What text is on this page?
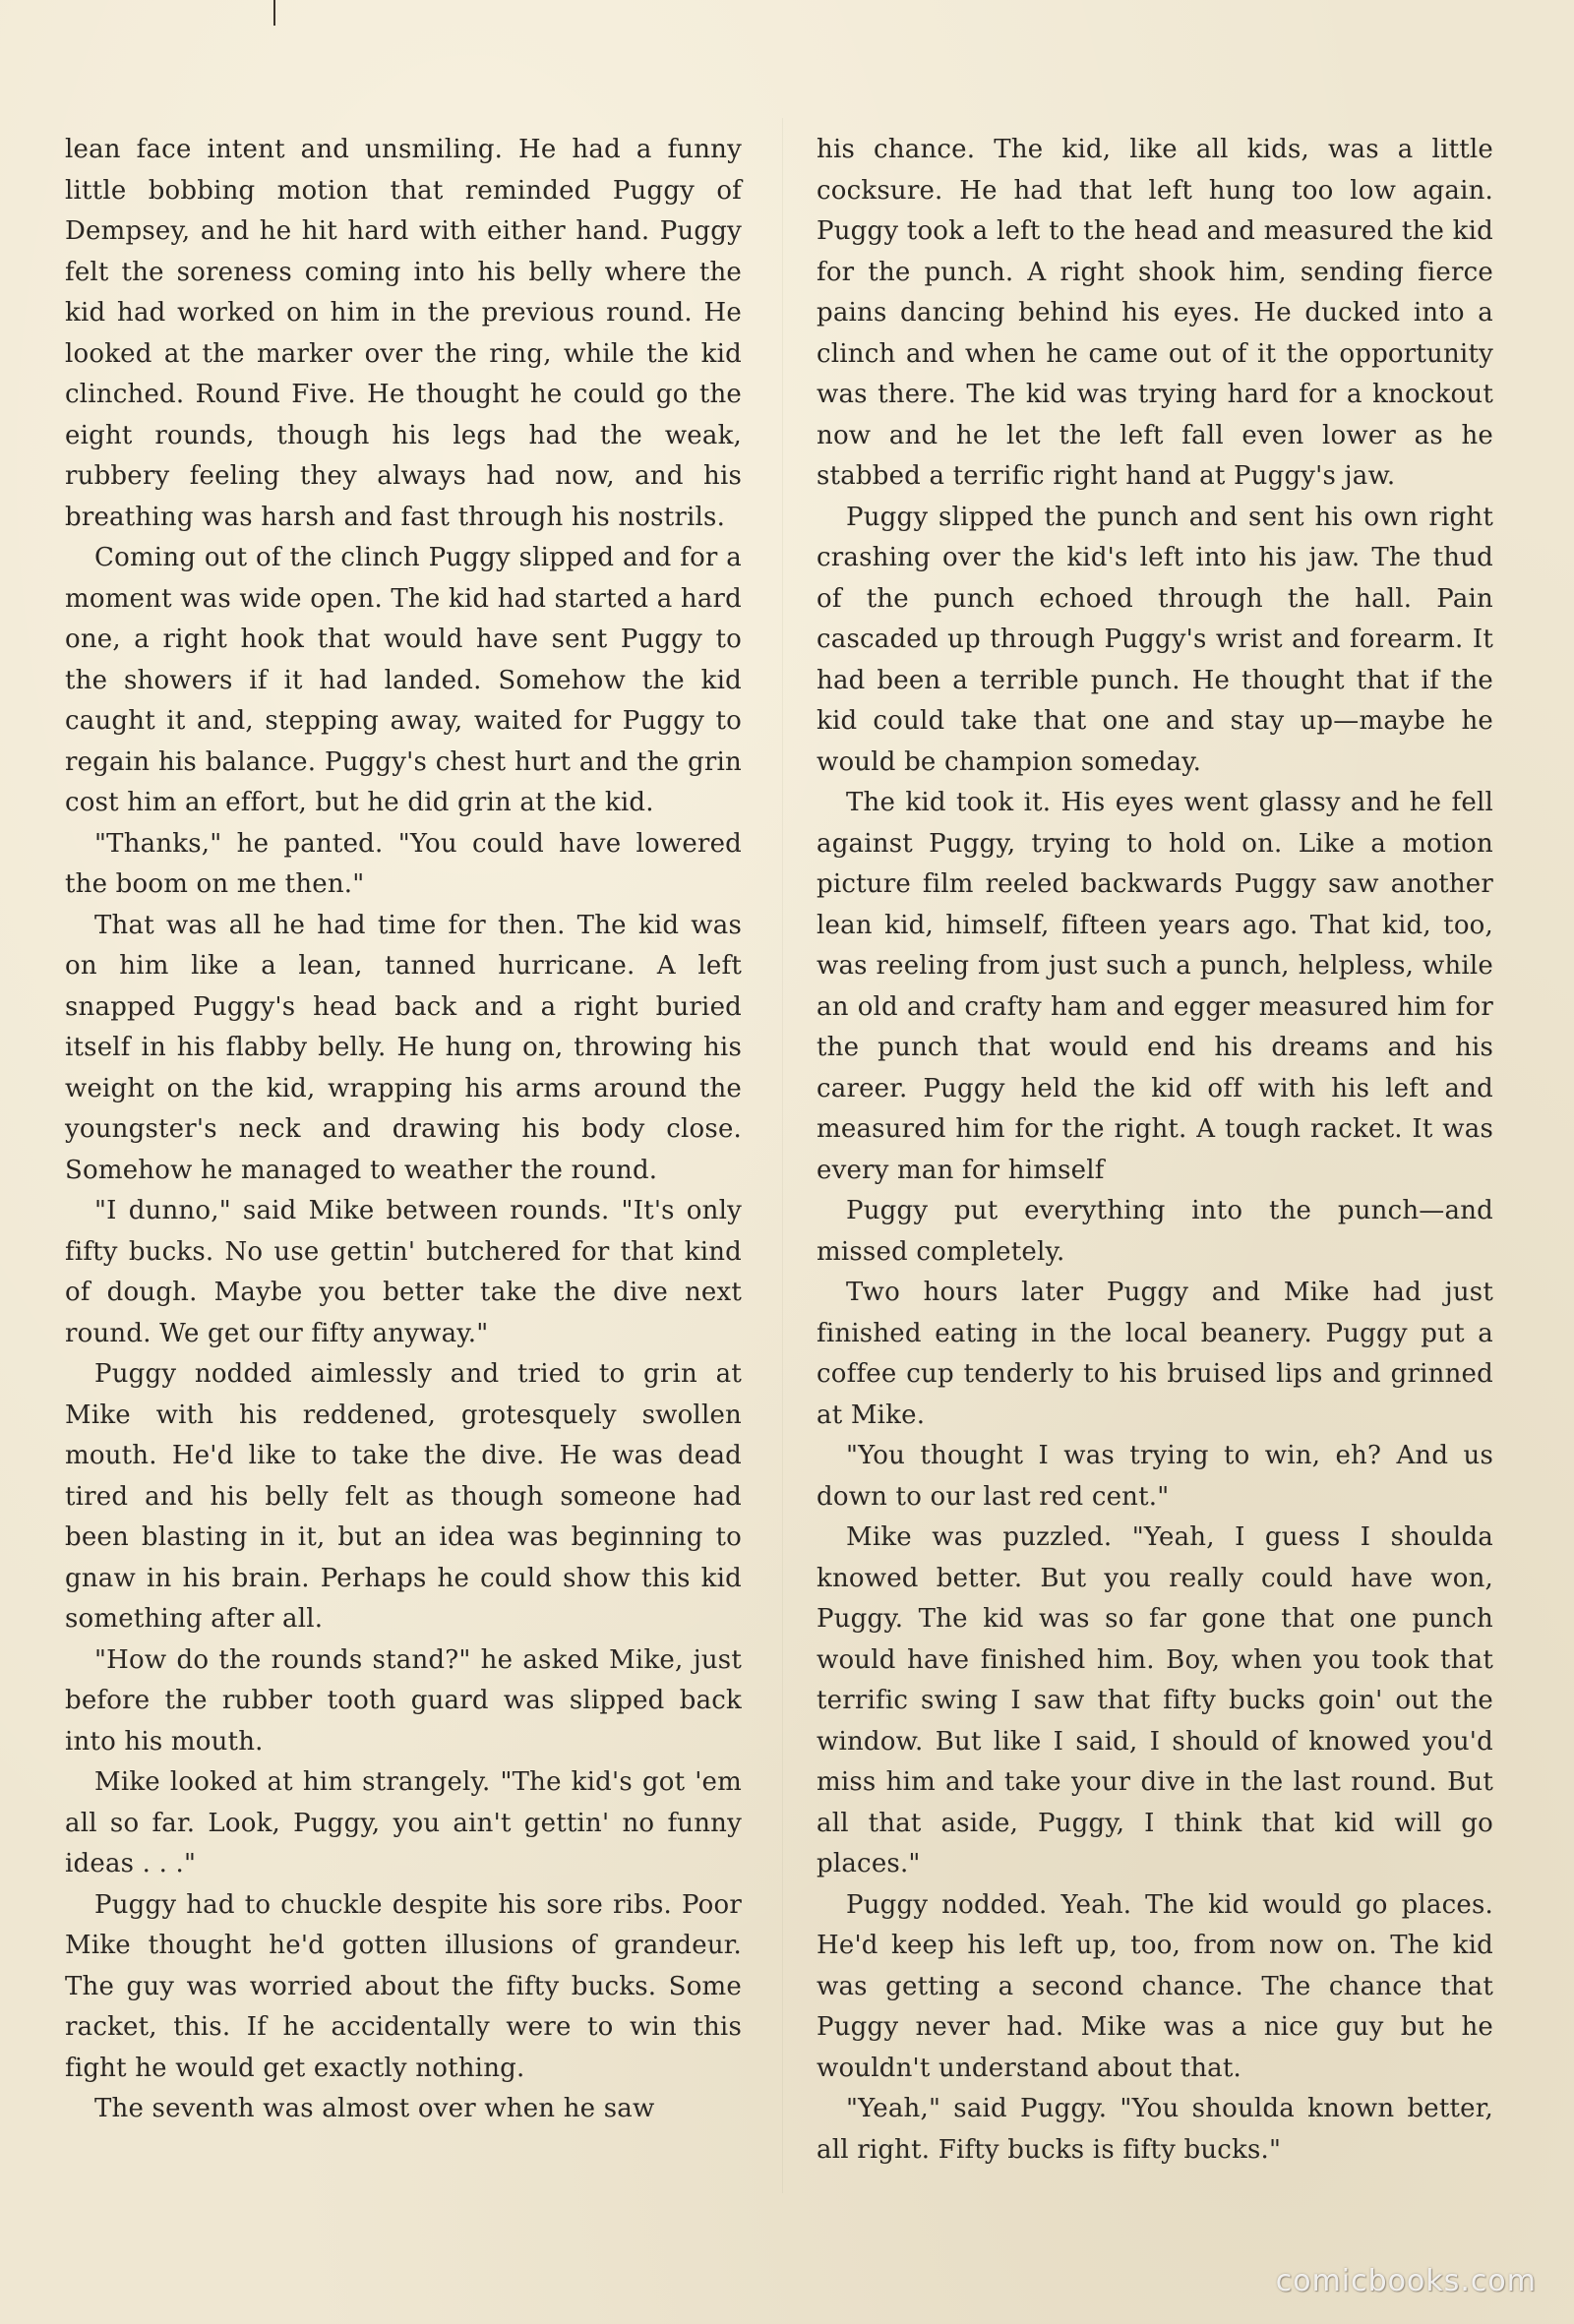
lean face intent and unsmiling. He had a funny little bobbing motion that reminded Puggy of Dempsey, and he hit hard with either hand. Puggy felt the soreness coming into his belly where the kid had worked on him in the previous round. He looked at the marker over the ring, while the kid clinched. Round Five. He thought he could go the eight rounds, though his legs had the weak, rubbery feeling they always had now, and his breathing was harsh and fast through his nostrils.

Coming out of the clinch Puggy slipped and for a moment was wide open. The kid had started a hard one, a right hook that would have sent Puggy to the showers if it had landed. Somehow the kid caught it and, stepping away, waited for Puggy to regain his balance. Puggy's chest hurt and the grin cost him an effort, but he did grin at the kid.

"Thanks," he panted. "You could have lowered the boom on me then."

That was all he had time for then. The kid was on him like a lean, tanned hurricane. A left snapped Puggy's head back and a right buried itself in his flabby belly. He hung on, throwing his weight on the kid, wrapping his arms around the youngster's neck and drawing his body close. Somehow he managed to weather the round.

"I dunno," said Mike between rounds. "It's only fifty bucks. No use gettin' butchered for that kind of dough. Maybe you better take the dive next round. We get our fifty anyway."

Puggy nodded aimlessly and tried to grin at Mike with his reddened, grotesquely swollen mouth. He'd like to take the dive. He was dead tired and his belly felt as though someone had been blasting in it, but an idea was beginning to gnaw in his brain. Perhaps he could show this kid something after all.

"How do the rounds stand?" he asked Mike, just before the rubber tooth guard was slipped back into his mouth.

Mike looked at him strangely. "The kid's got 'em all so far. Look, Puggy, you ain't gettin' no funny ideas . . ."

Puggy had to chuckle despite his sore ribs. Poor Mike thought he'd gotten illusions of grandeur. The guy was worried about the fifty bucks. Some racket, this. If he accidentally were to win this fight he would get exactly nothing.

The seventh was almost over when he saw

his chance. The kid, like all kids, was a little cocksure. He had that left hung too low again. Puggy took a left to the head and measured the kid for the punch. A right shook him, sending fierce pains dancing behind his eyes. He ducked into a clinch and when he came out of it the opportunity was there. The kid was trying hard for a knockout now and he let the left fall even lower as he stabbed a terrific right hand at Puggy's jaw.

Puggy slipped the punch and sent his own right crashing over the kid's left into his jaw. The thud of the punch echoed through the hall. Pain cascaded up through Puggy's wrist and forearm. It had been a terrible punch. He thought that if the kid could take that one and stay up—maybe he would be champion someday.

The kid took it. His eyes went glassy and he fell against Puggy, trying to hold on. Like a motion picture film reeled backwards Puggy saw another lean kid, himself, fifteen years ago. That kid, too, was reeling from just such a punch, helpless, while an old and crafty ham and egger measured him for the punch that would end his dreams and his career. Puggy held the kid off with his left and measured him for the right. A tough racket. It was every man for himself

Puggy put everything into the punch—and missed completely.

Two hours later Puggy and Mike had just finished eating in the local beanery. Puggy put a coffee cup tenderly to his bruised lips and grinned at Mike.

"You thought I was trying to win, eh? And us down to our last red cent."

Mike was puzzled. "Yeah, I guess I shoulda knowed better. But you really could have won, Puggy. The kid was so far gone that one punch would have finished him. Boy, when you took that terrific swing I saw that fifty bucks goin' out the window. But like I said, I should of knowed you'd miss him and take your dive in the last round. But all that aside, Puggy, I think that kid will go places."

Puggy nodded. Yeah. The kid would go places. He'd keep his left up, too, from now on. The kid was getting a second chance. The chance that Puggy never had. Mike was a nice guy but he wouldn't understand about that.

"Yeah," said Puggy. "You shoulda known better, all right. Fifty bucks is fifty bucks."

comicbooks.com
